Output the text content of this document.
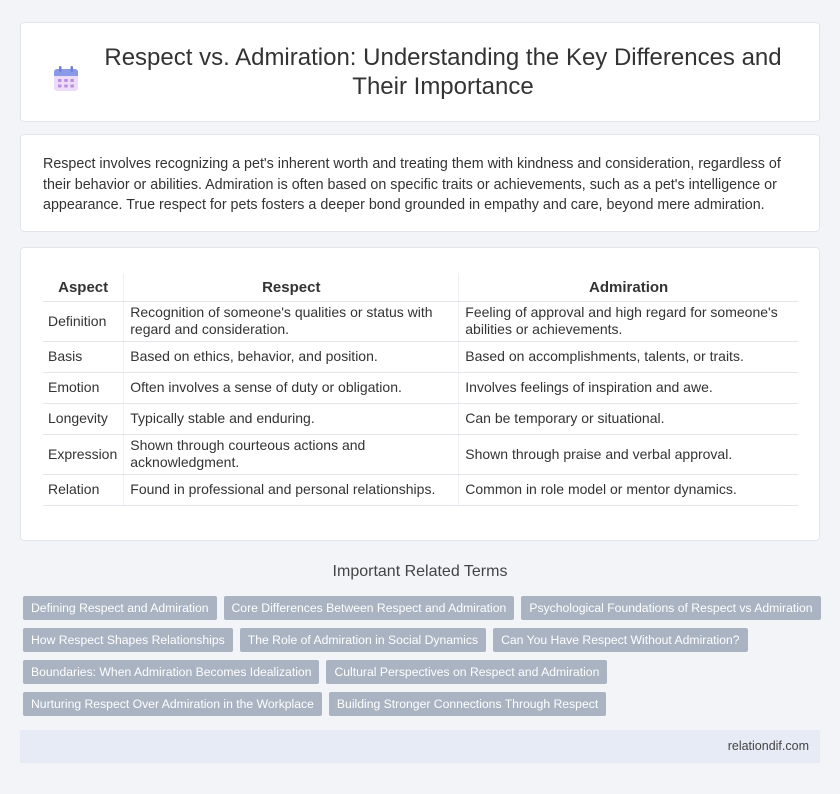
Respect vs. Admiration: Understanding the Key Differences and Their Importance

Respect involves recognizing a pet's inherent worth and treating them with kindness and consideration, regardless of their behavior or abilities. Admiration is often based on specific traits or achievements, such as a pet's intelligence or appearance. True respect for pets fosters a deeper bond grounded in empathy and care, beyond mere admiration.

Aspect	Respect	Admiration
Definition	Recognition of someone's qualities or status with regard and consideration.	Feeling of approval and high regard for someone's abilities or achievements.
Basis	Based on ethics, behavior, and position.	Based on accomplishments, talents, or traits.
Emotion	Often involves a sense of duty or obligation.	Involves feelings of inspiration and awe.
Longevity	Typically stable and enduring.	Can be temporary or situational.
Expression	Shown through courteous actions and acknowledgment.	Shown through praise and verbal approval.
Relation	Found in professional and personal relationships.	Common in role model or mentor dynamics.
Important Related Terms
Defining Respect and Admiration	Core Differences Between Respect and Admiration	Psychological Foundations of Respect vs Admiration
How Respect Shapes Relationships	The Role of Admiration in Social Dynamics	Can You Have Respect Without Admiration?
Boundaries: When Admiration Becomes Idealization	Cultural Perspectives on Respect and Admiration
Nurturing Respect Over Admiration in the Workplace	Building Stronger Connections Through Respect
relationdif.com
